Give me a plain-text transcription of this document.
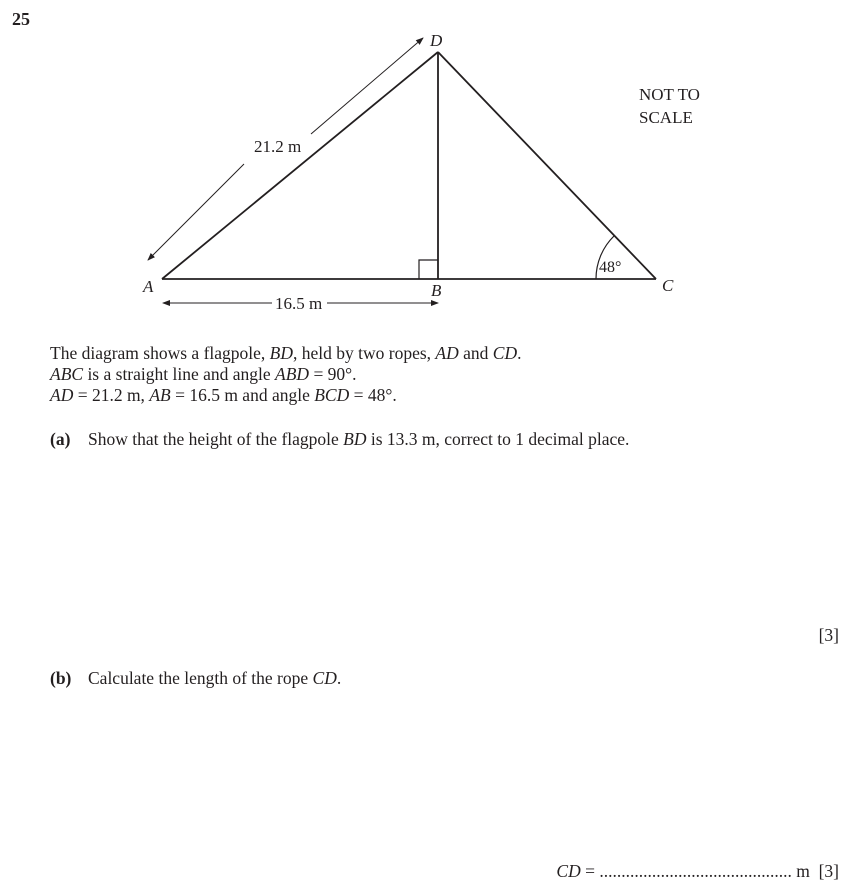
25
D
A	B	C
21.2 m
16.5 m
48°
NOT TO
SCALE
The diagram shows a flagpole, BD, held by two ropes, AD and CD.
ABC is a straight line and angle ABD = 90°.
AD = 21.2 m, AB = 16.5 m and angle BCD = 48°.
(a) Show that the height of the flagpole BD is 13.3 m, correct to 1 decimal place.
[3]
(b) Calculate the length of the rope CD.
CD = ............................................ m [3]
